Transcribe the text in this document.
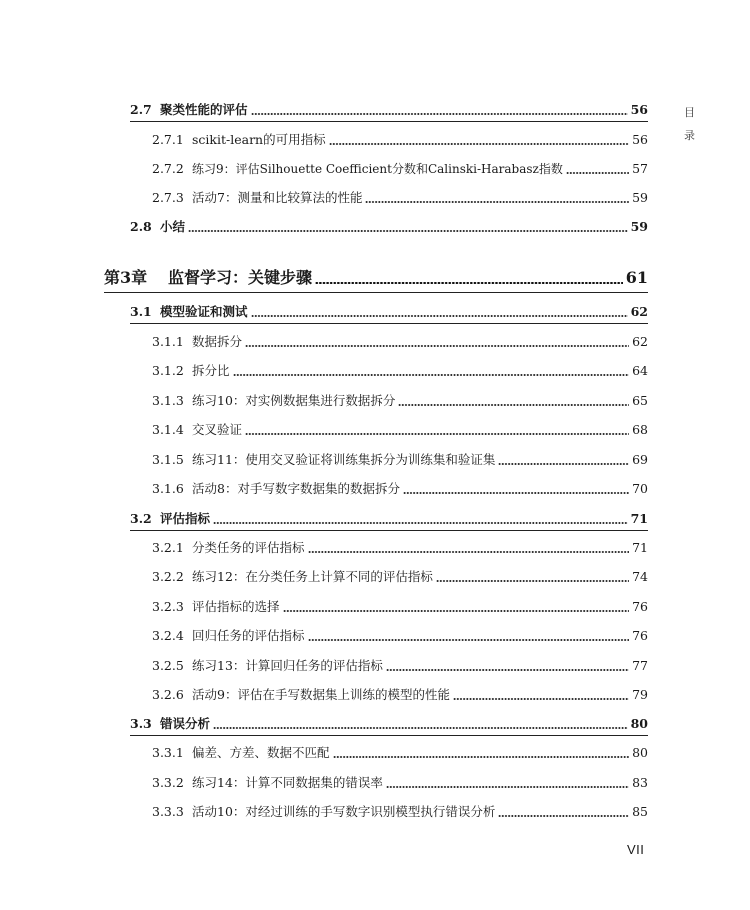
目
录
2.7 聚类性能的评估	56
2.7.1 scikit-learn的可用指标	56
2.7.2 练习9：评估Silhouette Coefficient分数和Calinski-Harabasz指数	57
2.7.3 活动7：测量和比较算法的性能	59
2.8 小结	59
第3章	监督学习：关键步骤	61
3.1 模型验证和测试	62
3.1.1 数据拆分	62
3.1.2 拆分比	64
3.1.3 练习10：对实例数据集进行数据拆分	65
3.1.4 交叉验证	68
3.1.5 练习11：使用交叉验证将训练集拆分为训练集和验证集	69
3.1.6 活动8：对手写数字数据集的数据拆分	70
3.2 评估指标	71
3.2.1 分类任务的评估指标	71
3.2.2 练习12：在分类任务上计算不同的评估指标	74
3.2.3 评估指标的选择	76
3.2.4 回归任务的评估指标	76
3.2.5 练习13：计算回归任务的评估指标	77
3.2.6 活动9：评估在手写数据集上训练的模型的性能	79
3.3 错误分析	80
3.3.1 偏差、方差、数据不匹配	80
3.3.2 练习14：计算不同数据集的错误率	83
3.3.3 活动10：对经过训练的手写数字识别模型执行错误分析	85
VII
